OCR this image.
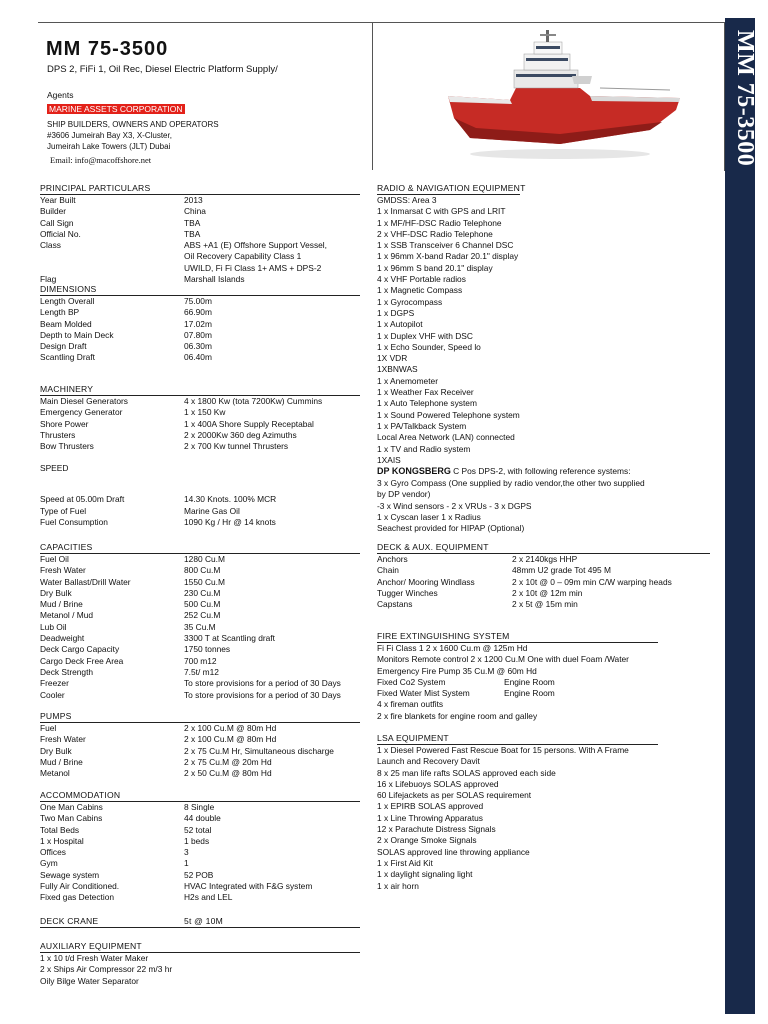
MM 75-3500

DPS 2, FiFi 1, Oil Rec, Diesel Electric Platform Supply/

Agents
MARINE ASSETS CORPORATION
SHIP BUILDERS, OWNERS AND OPERATORS
#3606 Jumeirah Bay X3, X-Cluster,
Jumeirah Lake Towers (JLT) Dubai
Email: info@macoffshore.net	MM 75-3500
PRINCIPAL PARTICULARS
Year Built	2013
Builder	China
Call Sign	TBA
Official No.	TBA
Class	ABS +A1 (E) Offshore Support Vessel,
Oil Recovery Capability Class 1
UWILD, Fi Fi Class 1+ AMS + DPS-2
Flag	Marshall Islands
DIMENSIONS
Length Overall	75.00m
Length BP	66.90m
Beam Molded	17.02m
Depth to Main Deck	07.80m
Design Draft	06.30m
Scantling Draft	06.40m
MACHINERY
Main Diesel Generators	4 x 1800 Kw (tota 7200Kw) Cummins
Emergency Generator	1 x 150 Kw
Shore Power	1 x 400A Shore Supply Receptabal
Thrusters	2 x 2000Kw 360 deg Azimuths
Bow Thrusters	2 x 700 Kw tunnel Thrusters
SPEED
Speed at 05.00m Draft	14.30 Knots. 100% MCR
Type of Fuel	Marine Gas Oil
Fuel Consumption	1090 Kg / Hr @ 14 knots
CAPACITIES
Fuel Oil	1280 Cu.M
Fresh Water	800 Cu.M
Water Ballast/Drill Water	1550 Cu.M
Dry Bulk	230 Cu.M
Mud / Brine	500 Cu.M
Metanol / Mud	252 Cu.M
Lub Oil	35 Cu.M
Deadweight	3300 T at Scantling draft
Deck Cargo Capacity	1750 tonnes
Cargo Deck Free Area	700 m12
Deck Strength	7.5t/ m12
Freezer	To store provisions for a period of 30 Days
Cooler	To store provisions for a period of 30 Days
PUMPS
Fuel	2 x 100 Cu.M @ 80m Hd
Fresh Water	2 x 100 Cu.M @ 80m Hd
Dry Bulk	2 x 75 Cu.M Hr, Simultaneous discharge
Mud / Brine	2 x 75 Cu.M @ 20m Hd
Metanol	2 x 50 Cu.M @ 80m Hd
ACCOMMODATION
One Man Cabins	8 Single
Two Man Cabins	44 double
Total Beds	52 total
1 x Hospital	1 beds
Offices	3
Gym	1
Sewage system	52 POB
Fully Air Conditioned.	HVAC Integrated with F&G system
Fixed gas Detection	H2s and LEL
DECK CRANE	5t @ 10M
AUXILIARY EQUIPMENT
1 x 10 t/d Fresh Water Maker
2 x Ships Air Compressor 22 m/3 hr
Oily Bilge Water Separator
RADIO & NAVIGATION EQUIPMENT
GMDSS: Area 3
1 x Inmarsat C with GPS and LRIT
1 x MF/HF-DSC Radio Telephone
2 x VHF-DSC Radio Telephone
1 x SSB Transceiver 6 Channel DSC
1 x 96mm X-band Radar 20.1" display
1 x 96mm S band 20.1" display
4 x VHF Portable radios
1 x Magnetic Compass
1 x Gyrocompass
1 x DGPS
1 x Autopilot
1 x Duplex VHF with DSC
1 x Echo Sounder, Speed lo
1X VDR
1XBNWAS
1 x Anemometer
1 x Weather Fax Receiver
1 x Auto Telephone system
1 x Sound Powered Telephone system
1 x PA/Talkback System
Local Area Network (LAN) connected
1 x TV and Radio system
1XAIS
DP KONGSBERG C Pos DPS-2, with following reference systems:
3 x Gyro Compass (One supplied by radio vendor,the other two supplied
by DP vendor)
-3 x Wind sensors - 2 x VRUs - 3 x DGPS
1 x Cyscan laser 1 x Radius
Seachest provided for HIPAP (Optional)
DECK & AUX. EQUIPMENT
Anchors	2 x 2140kgs HHP
Chain	48mm U2 grade Tot 495 M
Anchor/ Mooring Windlass	2 x 10t @ 0 – 09m min C/W warping heads
Tugger Winches	2 x 10t @ 12m min
Capstans	2 x 5t @ 15m min
FIRE EXTINGUISHING SYSTEM
Fi Fi Class 1 2 x 1600 Cu.m @ 125m Hd
Monitors Remote control 2 x 1200 Cu.M One with duel Foam /Water
Emergency Fire Pump 35 Cu.M @ 60m Hd
Fixed Co2 System	Engine Room
Fixed Water Mist System	Engine Room
4 x fireman outfits
2 x fire blankets for engine room and galley
LSA EQUIPMENT
1 x Diesel Powered Fast Rescue Boat for 15 persons. With A Frame
Launch and Recovery Davit
8 x 25 man life rafts SOLAS approved each side
16 x Lifebuoys SOLAS approved
60 Lifejackets as per SOLAS requirement
1 x EPIRB SOLAS approved
1 x Line Throwing Apparatus
12 x Parachute Distress Signals
2 x Orange Smoke Signals
SOLAS approved line throwing appliance
1 x First Aid Kit
1 x daylight signaling light
1 x air horn
